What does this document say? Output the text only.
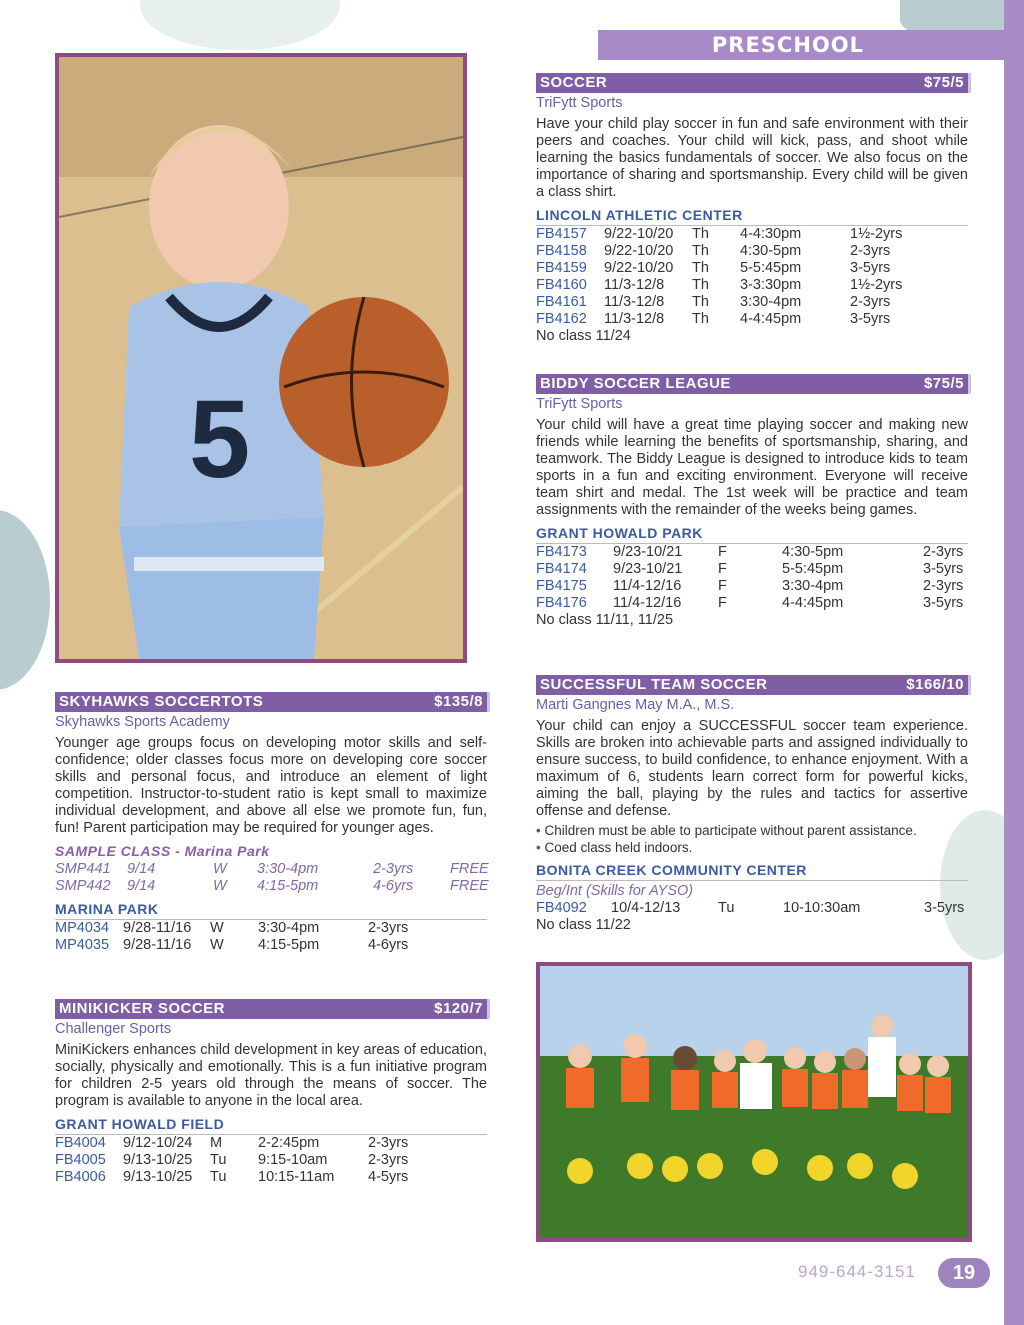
PRESCHOOL
5
SOCCER	$75/5
TriFytt Sports
Have your child play soccer in fun and safe environment with their peers and coaches. Your child will kick, pass, and shoot while learning the basics fundamentals of soccer. We also focus on the importance of sharing and sportsmanship. Every child will be given a class shirt.
LINCOLN ATHLETIC CENTER
FB4157	9/22-10/20	Th	4-4:30pm	1½-2yrs
FB4158	9/22-10/20	Th	4:30-5pm	2-3yrs
FB4159	9/22-10/20	Th	5-5:45pm	3-5yrs
FB4160	11/3-12/8	Th	3-3:30pm	1½-2yrs
FB4161	11/3-12/8	Th	3:30-4pm	2-3yrs
FB4162	11/3-12/8	Th	4-4:45pm	3-5yrs
No class 11/24
BIDDY SOCCER LEAGUE	$75/5
TriFytt Sports
Your child will have a great time playing soccer and making new friends while learning the benefits of sportsmanship, sharing, and teamwork. The Biddy League is designed to introduce kids to team sports in a fun and exciting environment. Everyone will receive team shirt and medal. The 1st week will be practice and team assignments with the remainder of the weeks being games.
GRANT HOWALD PARK
FB4173	9/23-10/21	F	4:30-5pm	2-3yrs
FB4174	9/23-10/21	F	5-5:45pm	3-5yrs
FB4175	11/4-12/16	F	3:30-4pm	2-3yrs
FB4176	11/4-12/16	F	4-4:45pm	3-5yrs
No class 11/11, 11/25
SUCCESSFUL TEAM SOCCER	$166/10
Marti Gangnes May M.A., M.S.
Your child can enjoy a SUCCESSFUL soccer team experience. Skills are broken into achievable parts and assigned individually to ensure success, to build confidence, to enhance enjoyment. With a maximum of 6, students learn correct form for powerful kicks, aiming the ball, playing by the rules and tactics for assertive offense and defense.
• Children must be able to participate without parent assistance.
• Coed class held indoors.
BONITA CREEK COMMUNITY CENTER
Beg/Int (Skills for AYSO)
FB4092	10/4-12/13	Tu	10-10:30am	3-5yrs
No class 11/22
SKYHAWKS SOCCERTOTS	$135/8
Skyhawks Sports Academy
Younger age groups focus on developing motor skills and self-confidence; older classes focus more on developing core soccer skills and personal focus, and introduce an element of light competition. Instructor-to-student ratio is kept small to maximize individual development, and above all else we promote fun, fun, fun! Parent participation may be required for younger ages.
SAMPLE CLASS - Marina Park
SMP441	9/14	W	3:30-4pm	2-3yrs	FREE
SMP442	9/14	W	4:15-5pm	4-6yrs	FREE
MARINA PARK
MP4034 9/28-11/16	W	3:30-4pm	2-3yrs
MP4035 9/28-11/16	W	4:15-5pm	4-6yrs
MINIKICKER SOCCER	$120/7
Challenger Sports
MiniKickers enhances child development in key areas of education, socially, physically and emotionally. This is a fun initiative program for children 2-5 years old through the means of soccer. The program is available to anyone in the local area.
GRANT HOWALD FIELD
FB4004	9/12-10/24	M	2-2:45pm	2-3yrs
FB4005	9/13-10/25	Tu	9:15-10am	2-3yrs
FB4006	9/13-10/25	Tu	10:15-11am	4-5yrs
949-644-3151	19
